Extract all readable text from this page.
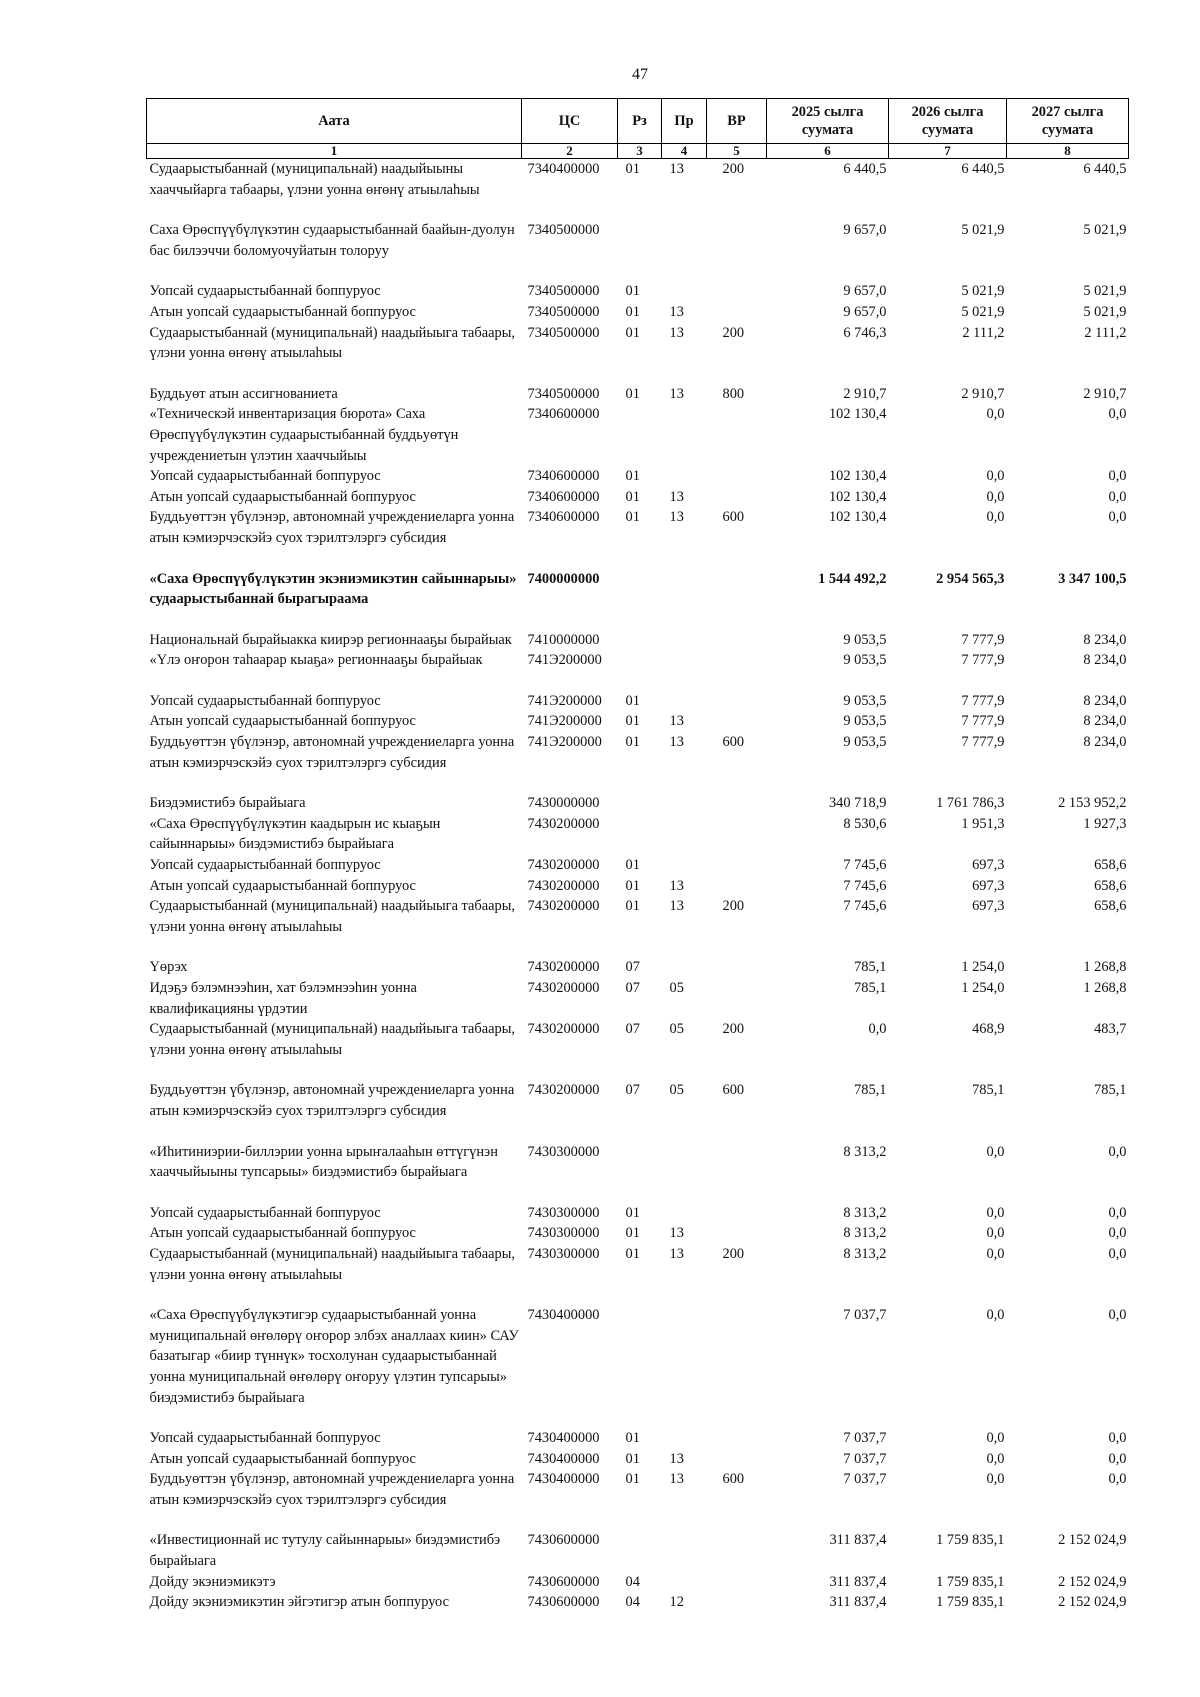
47
Аата	ЦС	Рз	Пр	ВР	2025 сылга суумата	2026 сылга суумата	2027 сылга суумата
1	2	3	4	5	6	7	8
Судаарыстыбаннай (муниципальнай) наадыйыыны хааччыйарга табаары, үлэни уонна өҥөнү атыылаһыы	7340400000	01	13	200	6 440,5	6 440,5	6 440,5
Саха Өрөспүүбүлүкэтин судаарыстыбаннай баайын-дуолун бас билээччи боломуочуйатын толоруу	7340500000				9 657,0	5 021,9	5 021,9
Уопсай судаарыстыбаннай боппуруос	7340500000	01			9 657,0	5 021,9	5 021,9
Атын уопсай судаарыстыбаннай боппуруос	7340500000	01	13		9 657,0	5 021,9	5 021,9
Судаарыстыбаннай (муниципальнай) наадыйыыга табаары, үлэни уонна өҥөнү атыылаһыы	7340500000	01	13	200	6 746,3	2 111,2	2 111,2
Буддьуөт атын ассигнованиета	7340500000	01	13	800	2 910,7	2 910,7	2 910,7
«Техническэй инвентаризация бюрота» Саха Өрөспүүбүлүкэтин судаарыстыбаннай буддьуөтүн учреждениетын үлэтин хааччыйыы	7340600000				102 130,4	0,0	0,0
Уопсай судаарыстыбаннай боппуруос	7340600000	01			102 130,4	0,0	0,0
Атын уопсай судаарыстыбаннай боппуруос	7340600000	01	13		102 130,4	0,0	0,0
Буддьуөттэн үбүлэнэр, автономнай учреждениеларга уонна атын кэмиэрчэскэйэ суох тэрилтэлэргэ субсидия	7340600000	01	13	600	102 130,4	0,0	0,0
«Саха Өрөспүүбүлүкэтин экэниэмикэтин сайыннарыы» судаарыстыбаннай бырагыраама	7400000000				1 544 492,2	2 954 565,3	3 347 100,5
Национальнай бырайыакка киирэр регионнааҕы бырайыак	7410000000				9 053,5	7 777,9	8 234,0
«Үлэ оҥорон таһаарар кыаҕа» регионнааҕы бырайыак	741Э200000				9 053,5	7 777,9	8 234,0
Уопсай судаарыстыбаннай боппуруос	741Э200000	01			9 053,5	7 777,9	8 234,0
Атын уопсай судаарыстыбаннай боппуруос	741Э200000	01	13		9 053,5	7 777,9	8 234,0
Буддьуөттэн үбүлэнэр, автономнай учреждениеларга уонна атын кэмиэрчэскэйэ суох тэрилтэлэргэ субсидия	741Э200000	01	13	600	9 053,5	7 777,9	8 234,0
Биэдэмистибэ бырайыага	7430000000				340 718,9	1 761 786,3	2 153 952,2
«Саха Өрөспүүбүлүкэтин каадырын ис кыаҕын сайыннарыы» биэдэмистибэ бырайыага	7430200000				8 530,6	1 951,3	1 927,3
Уопсай судаарыстыбаннай боппуруос	7430200000	01			7 745,6	697,3	658,6
Атын уопсай судаарыстыбаннай боппуруос	7430200000	01	13		7 745,6	697,3	658,6
Судаарыстыбаннай (муниципальнай) наадыйыыга табаары, үлэни уонна өҥөнү атыылаһыы	7430200000	01	13	200	7 745,6	697,3	658,6
Үөрэх	7430200000	07			785,1	1 254,0	1 268,8
Идэҕэ бэлэмнээһин, хат бэлэмнээһин уонна квалификацияны үрдэтии	7430200000	07	05		785,1	1 254,0	1 268,8
Судаарыстыбаннай (муниципальнай) наадыйыыга табаары, үлэни уонна өҥөнү атыылаһыы	7430200000	07	05	200	0,0	468,9	483,7
Буддьуөттэн үбүлэнэр, автономнай учреждениеларга уонна атын кэмиэрчэскэйэ суох тэрилтэлэргэ субсидия	7430200000	07	05	600	785,1	785,1	785,1
«Иһитиниэрии-биллэрии уонна ырыҥалааһын өттүгүнэн хааччыйыыны тупсарыы» биэдэмистибэ бырайыага	7430300000				8 313,2	0,0	0,0
Уопсай судаарыстыбаннай боппуруос	7430300000	01			8 313,2	0,0	0,0
Атын уопсай судаарыстыбаннай боппуруос	7430300000	01	13		8 313,2	0,0	0,0
Судаарыстыбаннай (муниципальнай) наадыйыыга табаары, үлэни уонна өҥөнү атыылаһыы	7430300000	01	13	200	8 313,2	0,0	0,0
«Саха Өрөспүүбүлүкэтигэр судаарыстыбаннай уонна муниципальнай өҥөлөрү оҥорор элбэх аналлаах киин» САУ базатыгар «биир түннүк» тосхолунан судаарыстыбаннай уонна муниципальнай өҥөлөрү оҥоруу үлэтин тупсарыы» биэдэмистибэ бырайыага	7430400000				7 037,7	0,0	0,0
Уопсай судаарыстыбаннай боппуруос	7430400000	01			7 037,7	0,0	0,0
Атын уопсай судаарыстыбаннай боппуруос	7430400000	01	13		7 037,7	0,0	0,0
Буддьуөттэн үбүлэнэр, автономнай учреждениеларга уонна атын кэмиэрчэскэйэ суох тэрилтэлэргэ субсидия	7430400000	01	13	600	7 037,7	0,0	0,0
«Инвестиционнай ис тутулу сайыннарыы» биэдэмистибэ бырайыага	7430600000				311 837,4	1 759 835,1	2 152 024,9
Дойду экэниэмикэтэ	7430600000	04			311 837,4	1 759 835,1	2 152 024,9
Дойду экэниэмикэтин эйгэтигэр атын боппуруос	7430600000	04	12		311 837,4	1 759 835,1	2 152 024,9
